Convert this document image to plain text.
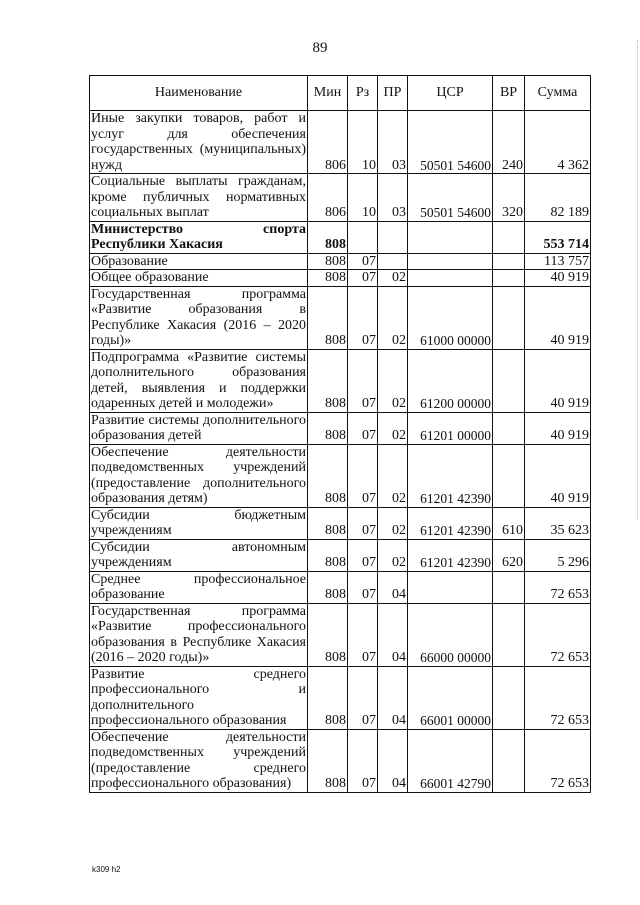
89
Наименование	Мин	Рз	ПР	ЦСР	ВР	Сумма
Иные закупки товаров, работ и услуг для обеспечения государственных (муниципальных) нужд	806	10	03	50501 54600	240	4 362
Социальные выплаты гражданам, кроме публичных нормативных социальных выплат	806	10	03	50501 54600	320	82 189
Министерство спорта Республики Хакасия	808					553 714
Образование	808	07				113 757
Общее образование	808	07	02			40 919
Государственная программа «Развитие образования в Республике Хакасия (2016 – 2020 годы)»	808	07	02	61000 00000		40 919
Подпрограмма «Развитие системы дополнительного образования детей, выявления и поддержки одаренных детей и молодежи»	808	07	02	61200 00000		40 919
Развитие системы дополнительного образования детей	808	07	02	61201 00000		40 919
Обеспечение деятельности подведомственных учреждений (предоставление дополнительного образования детям)	808	07	02	61201 42390		40 919
Субсидии бюджетным учреждениям	808	07	02	61201 42390	610	35 623
Субсидии автономным учреждениям	808	07	02	61201 42390	620	5 296
Среднее профессиональное образование	808	07	04			72 653
Государственная программа «Развитие профессионального образования в Республике Хакасия (2016 – 2020 годы)»	808	07	04	66000 00000		72 653
Развитие среднего профессионального и дополнительного профессионального образования	808	07	04	66001 00000		72 653
Обеспечение деятельности подведомственных учреждений (предоставление среднего профессионального образования)	808	07	04	66001 42790		72 653
k309 h2
